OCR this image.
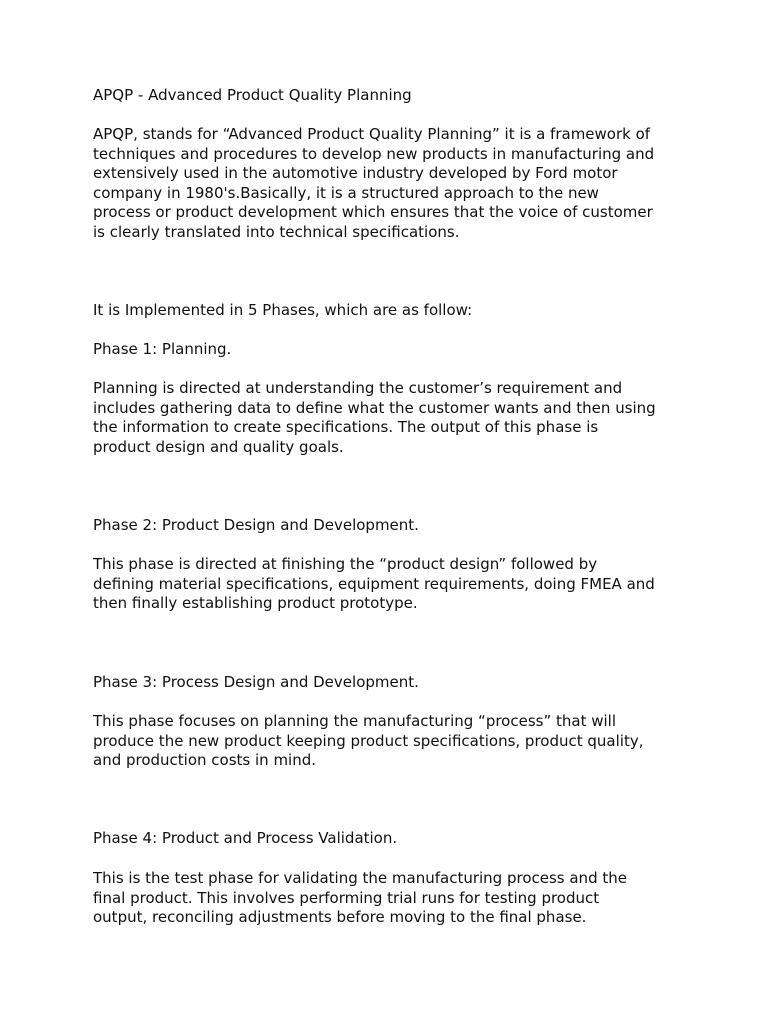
APQP - Advanced Product Quality Planning
APQP, stands for “Advanced Product Quality Planning” it is a framework of
techniques and procedures to develop new products in manufacturing and
extensively used in the automotive industry developed by Ford motor
company in 1980's.Basically, it is a structured approach to the new
process or product development which ensures that the voice of customer
is clearly translated into technical specifications.
It is Implemented in 5 Phases, which are as follow:
Phase 1: Planning.
Planning is directed at understanding the customer’s requirement and
includes gathering data to define what the customer wants and then using
the information to create specifications. The output of this phase is
product design and quality goals.
Phase 2: Product Design and Development.
This phase is directed at finishing the “product design” followed by
defining material specifications, equipment requirements, doing FMEA and
then finally establishing product prototype.
Phase 3: Process Design and Development.
This phase focuses on planning the manufacturing “process” that will
produce the new product keeping product specifications, product quality,
and production costs in mind.
Phase 4: Product and Process Validation.
This is the test phase for validating the manufacturing process and the
final product. This involves performing trial runs for testing product
output, reconciling adjustments before moving to the final phase.
